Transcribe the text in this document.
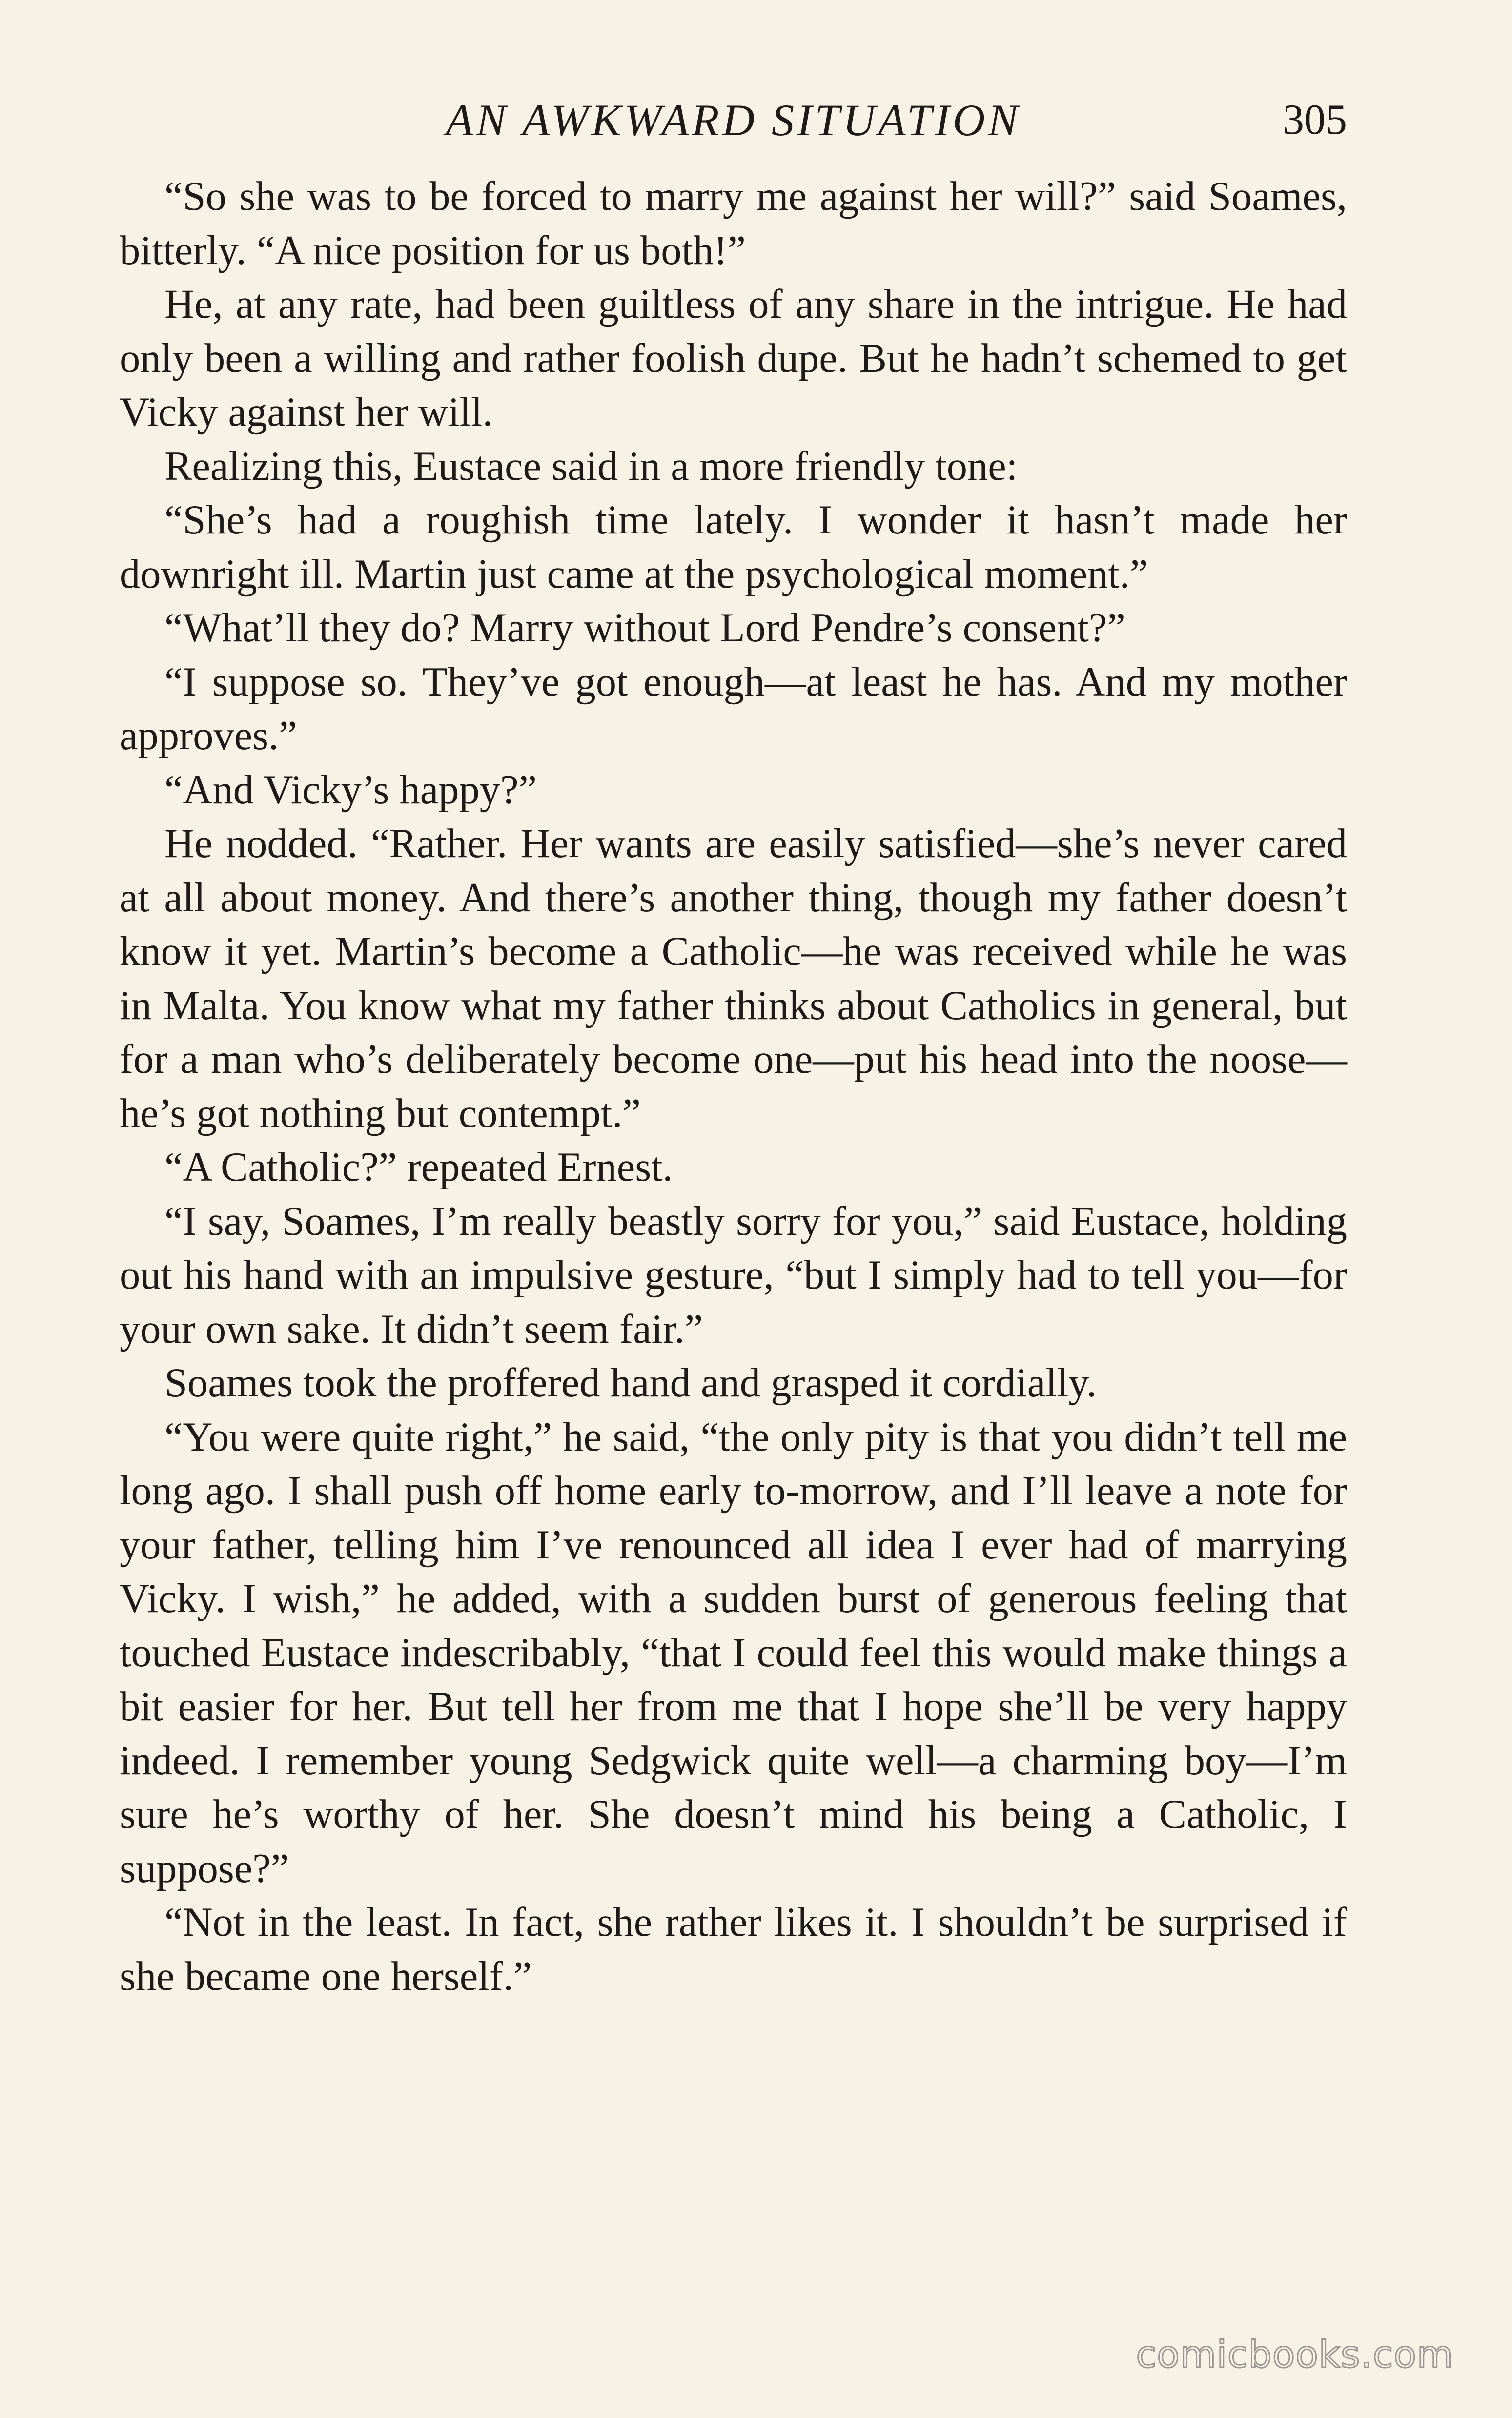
AN AWKWARD SITUATION	305

“So she was to be forced to marry me against her will?” said Soames, bitterly. “A nice position for us both!”

He, at any rate, had been guiltless of any share in the intrigue. He had only been a willing and rather foolish dupe. But he hadn’t schemed to get Vicky against her will.

Realizing this, Eustace said in a more friendly tone:

“She’s had a roughish time lately. I wonder it hasn’t made her downright ill. Martin just came at the psychological moment.”

“What’ll they do? Marry without Lord Pendre’s consent?”

“I suppose so. They’ve got enough—at least he has. And my mother approves.”

“And Vicky’s happy?”

He nodded. “Rather. Her wants are easily satisfied—she’s never cared at all about money. And there’s another thing, though my father doesn’t know it yet. Martin’s become a Catholic—he was received while he was in Malta. You know what my father thinks about Catholics in general, but for a man who’s deliberately become one—put his head into the noose—he’s got nothing but contempt.”

“A Catholic?” repeated Ernest.

“I say, Soames, I’m really beastly sorry for you,” said Eustace, holding out his hand with an impulsive gesture, “but I simply had to tell you—for your own sake. It didn’t seem fair.”

Soames took the proffered hand and grasped it cordially.

“You were quite right,” he said, “the only pity is that you didn’t tell me long ago. I shall push off home early to-morrow, and I’ll leave a note for your father, telling him I’ve renounced all idea I ever had of marrying Vicky. I wish,” he added, with a sudden burst of generous feeling that touched Eustace indescribably, “that I could feel this would make things a bit easier for her. But tell her from me that I hope she’ll be very happy indeed. I remember young Sedgwick quite well—a charming boy—I’m sure he’s worthy of her. She doesn’t mind his being a Catholic, I suppose?”

“Not in the least. In fact, she rather likes it. I shouldn’t be surprised if she became one herself.”

comicbooks.com
